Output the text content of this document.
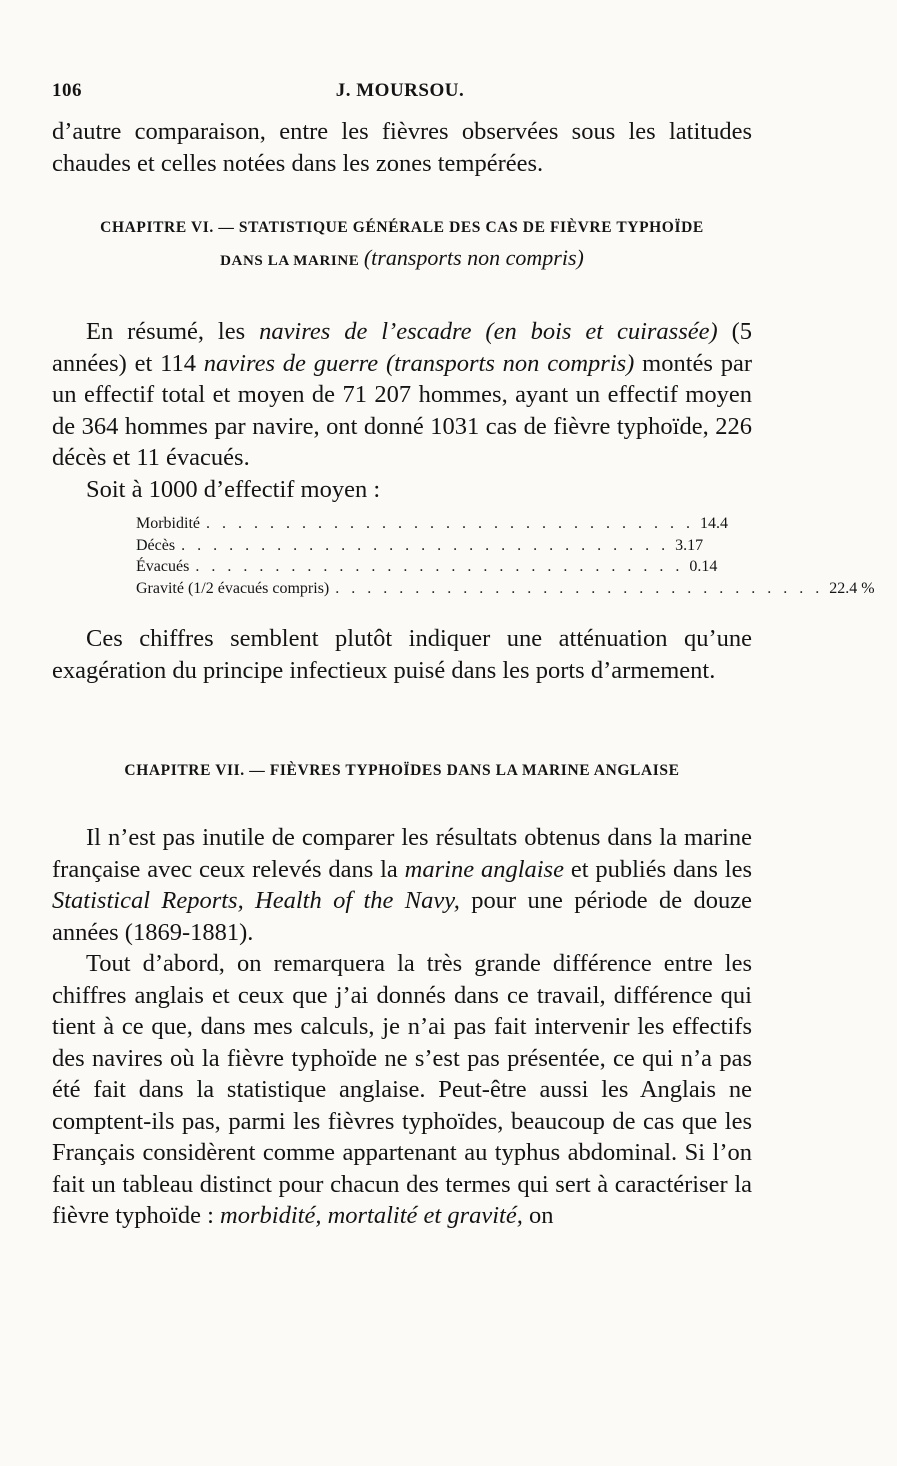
106	J. MOURSOU.

d’autre comparaison, entre les fièvres observées sous les latitudes chaudes et celles notées dans les zones tempérées.

CHAPITRE VI. — STATISTIQUE GÉNÉRALE DES CAS DE FIÈVRE TYPHOÏDE
DANS LA MARINE (transports non compris)

En résumé, les navires de l’escadre (en bois et cuirassée) (5 années) et 114 navires de guerre (transports non compris) montés par un effectif total et moyen de 71 207 hommes, ayant un effectif moyen de 364 hommes par navire, ont donné 1031 cas de fièvre typhoïde, 226 décès et 11 évacués.

Soit à 1000 d’effectif moyen :

Morbidité . . . . . . . . . . . . . . . . . . . . . . . . . . . . . . . 14.4
Décès . . . . . . . . . . . . . . . . . . . . . . . . . . . . . . . 3.17
Évacués . . . . . . . . . . . . . . . . . . . . . . . . . . . . . . . 0.14
Gravité (1/2 évacués compris) . . . . . . . . . . . . . . . . . . . . . . . . . . . . . . . 22.4 %

Ces chiffres semblent plutôt indiquer une atténuation qu’une exagération du principe infectieux puisé dans les ports d’armement.

CHAPITRE VII. — FIÈVRES TYPHOÏDES DANS LA MARINE ANGLAISE

Il n’est pas inutile de comparer les résultats obtenus dans la marine française avec ceux relevés dans la marine anglaise et publiés dans les Statistical Reports, Health of the Navy, pour une période de douze années (1869-1881).

Tout d’abord, on remarquera la très grande différence entre les chiffres anglais et ceux que j’ai donnés dans ce travail, différence qui tient à ce que, dans mes calculs, je n’ai pas fait intervenir les effectifs des navires où la fièvre typhoïde ne s’est pas présentée, ce qui n’a pas été fait dans la statistique anglaise. Peut-être aussi les Anglais ne comptent-ils pas, parmi les fièvres typhoïdes, beaucoup de cas que les Français considèrent comme appartenant au typhus abdominal. Si l’on fait un tableau distinct pour chacun des termes qui sert à caractériser la fièvre typhoïde : morbidité, mortalité et gravité, on
